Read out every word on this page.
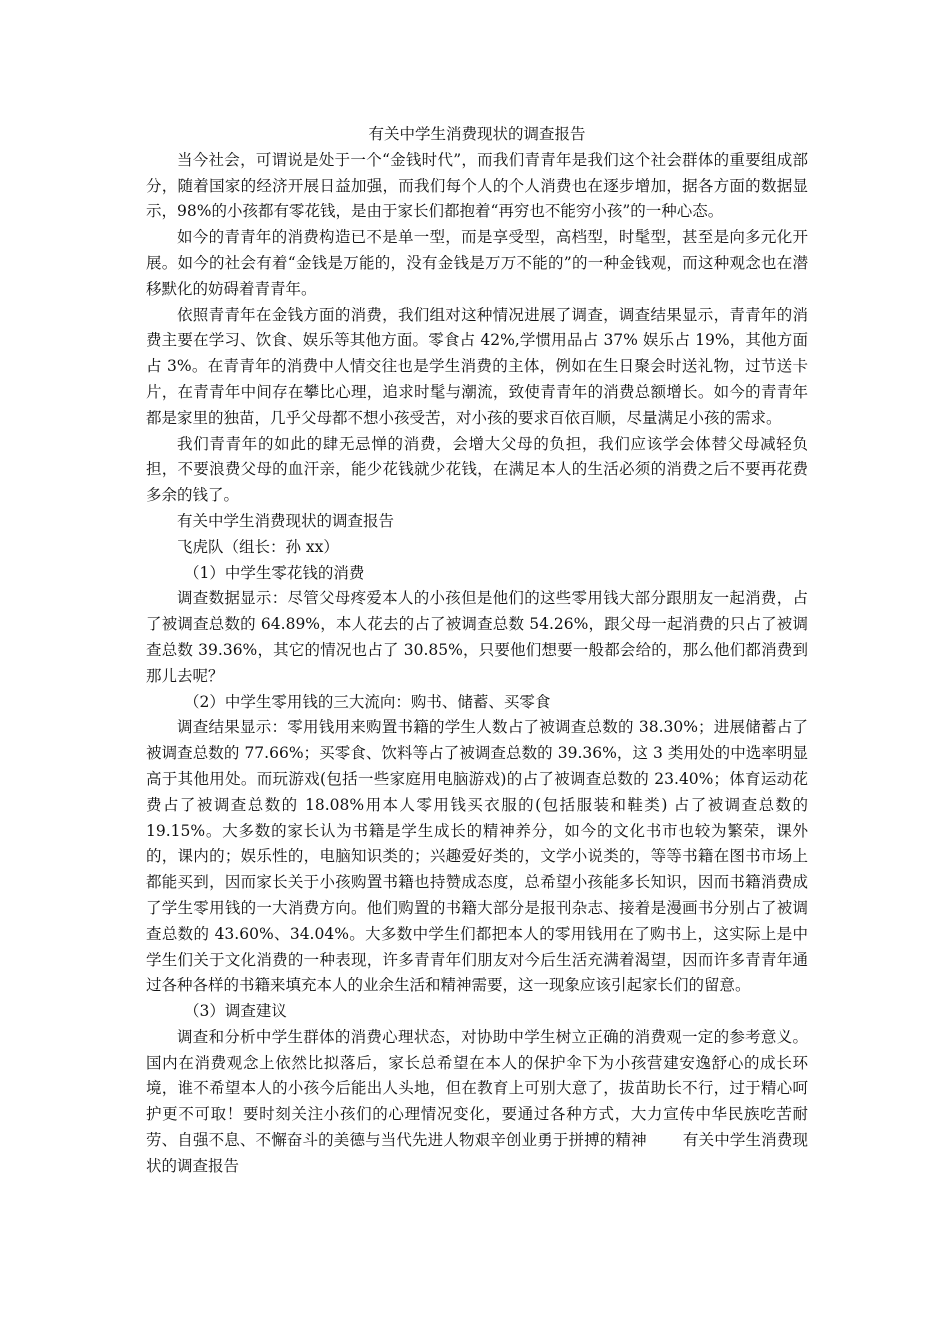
有关中学生消费现状的调查报告

当今社会，可谓说是处于一个“金钱时代”，而我们青青年是我们这个社会群体的重要组成部分，随着国家的经济开展日益加强，而我们每个人的个人消费也在逐步增加，据各方面的数据显示，98%的小孩都有零花钱，是由于家长们都抱着“再穷也不能穷小孩”的一种心态。

如今的青青年的消费构造已不是单一型，而是享受型，高档型，时髦型，甚至是向多元化开展。如今的社会有着“金钱是万能的，没有金钱是万万不能的”的一种金钱观，而这种观念也在潜移默化的妨碍着青青年。

依照青青年在金钱方面的消费，我们组对这种情况进展了调查，调查结果显示，青青年的消费主要在学习、饮食、娱乐等其他方面。零食占 42%,学惯用品占 37% 娱乐占 19%，其他方面占 3%。在青青年的消费中人情交往也是学生消费的主体，例如在生日聚会时送礼物，过节送卡片，在青青年中间存在攀比心理，追求时髦与潮流，致使青青年的消费总额增长。如今的青青年都是家里的独苗，几乎父母都不想小孩受苦，对小孩的要求百依百顺，尽量满足小孩的需求。

我们青青年的如此的肆无忌惮的消费，会增大父母的负担，我们应该学会体替父母减轻负担，不要浪费父母的血汗亲，能少花钱就少花钱，在满足本人的生活必须的消费之后不要再花费多余的钱了。

有关中学生消费现状的调查报告

飞虎队（组长：孙 xx）

（1）中学生零花钱的消费

调查数据显示：尽管父母疼爱本人的小孩但是他们的这些零用钱大部分跟朋友一起消费，占了被调查总数的 64.89%，本人花去的占了被调查总数 54.26%，跟父母一起消费的只占了被调查总数 39.36%，其它的情况也占了 30.85%，只要他们想要一般都会给的，那么他们都消费到那儿去呢？

（2）中学生零用钱的三大流向：购书、储蓄、买零食

调查结果显示：零用钱用来购置书籍的学生人数占了被调查总数的 38.30%；进展储蓄占了被调查总数的 77.66%；买零食、饮料等占了被调查总数的 39.36%，这 3 类用处的中选率明显高于其他用处。而玩游戏(包括一些家庭用电脑游戏)的占了被调查总数的 23.40%；体育运动花费占了被调查总数的 18.08%用本人零用钱买衣服的(包括服装和鞋类) 占了被调查总数的 19.15%。大多数的家长认为书籍是学生成长的精神养分，如今的文化书市也较为繁荣，课外的，课内的；娱乐性的，电脑知识类的；兴趣爱好类的，文学小说类的，等等书籍在图书市场上都能买到，因而家长关于小孩购置书籍也持赞成态度，总希望小孩能多长知识，因而书籍消费成了学生零用钱的一大消费方向。他们购置的书籍大部分是报刊杂志、接着是漫画书分别占了被调查总数的 43.60%、34.04%。大多数中学生们都把本人的零用钱用在了购书上，这实际上是中学生们关于文化消费的一种表现，许多青青年们朋友对今后生活充满着渴望，因而许多青青年通过各种各样的书籍来填充本人的业余生活和精神需要，这一现象应该引起家长们的留意。

（3）调查建议

调查和分析中学生群体的消费心理状态，对协助中学生树立正确的消费观一定的参考意义。国内在消费观念上依然比拟落后，家长总希望在本人的保护伞下为小孩营建安逸舒心的成长环境，谁不希望本人的小孩今后能出人头地，但在教育上可别大意了，拔苗助长不行，过于精心呵护更不可取！要时刻关注小孩们的心理情况变化，要通过各种方式，大力宣传中华民族吃苦耐劳、自强不息、不懈奋斗的美德与当代先进人物艰辛创业勇于拼搏的精神 有关中学生消费现状的调查报告
